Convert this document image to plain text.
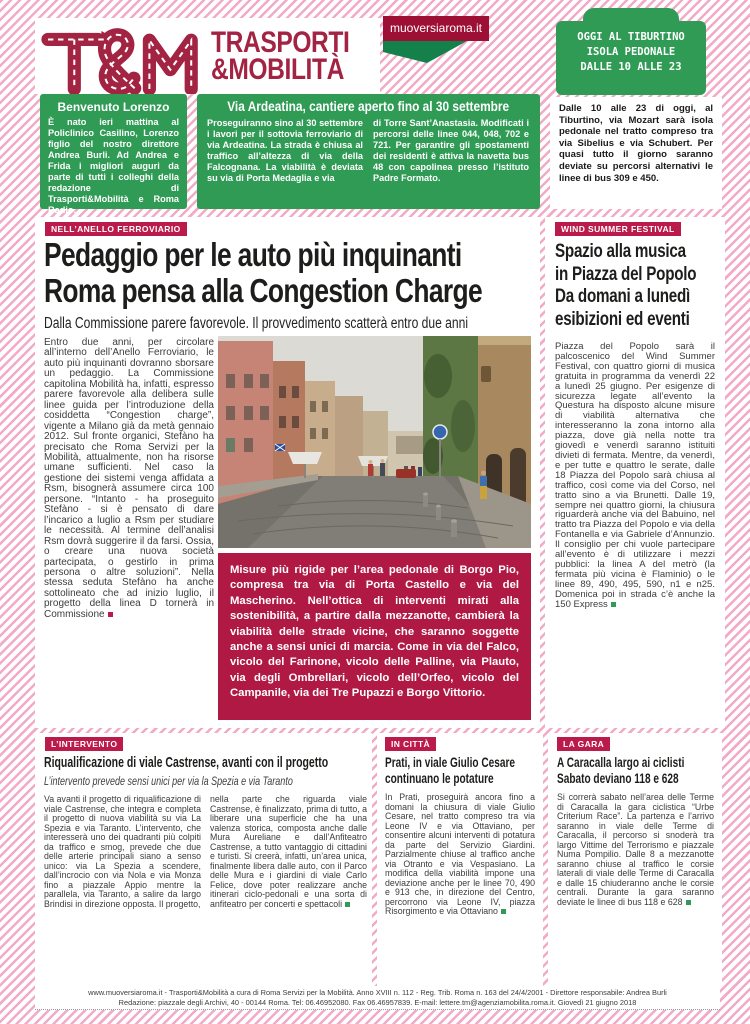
TRASPORTI
&MOBILITÀ
muoversiaroma.it
OGGI AL TIBURTINO
ISOLA PEDONALE
DALLE 10 ALLE 23
Dalle 10 alle 23 di oggi, al Tiburtino, via Mozart sarà isola pedonale nel tratto compreso tra via Sibelius e via Schubert. Per quasi tutto il giorno saranno deviate su percorsi alternativi le linee di bus 309 e 450.
Benvenuto Lorenzo
È nato ieri mattina al Policlinico Casilino, Lorenzo figlio del nostro direttore Andrea Burli. Ad Andrea e Frida i migliori auguri da parte di tutti i colleghi della redazione di Trasporti&Mobilità e Roma Radio.
Via Ardeatina, cantiere aperto fino al 30 settembre
Proseguiranno sino al 30 settembre i lavori per il sottovia ferroviario di via Ardeatina. La strada è chiusa al traffico all’altezza di via della Falcognana. La viabilità è deviata su via di Porta Medaglia e via
di Torre Sant’Anastasia. Modificati i percorsi delle linee 044, 048, 702 e 721. Per garantire gli spostamenti dei residenti è attiva la navetta bus 48 con capolinea presso l’istituto Padre Formato.
NELL’ANELLO FERROVIARIO
Pedaggio per le auto più inquinanti
Roma pensa alla Congestion Charge
Dalla Commissione parere favorevole. Il provvedimento scatterà entro due anni
Entro due anni, per circolare all’interno dell’Anello Ferroviario, le auto più inquinanti dovranno sborsare un pedaggio. La Commissione capitolina Mobilità ha, infatti, espresso parere favorevole alla delibera sulle linee guida per l’introduzione della cosiddetta “Congestion charge”, vigente a Milano già da metà gennaio 2012. Sul fronte organici, Stefàno ha precisato che Roma Servizi per la Mobilità, attualmente, non ha risorse umane sufficienti. Nel caso la gestione dei sistemi venga affidata a Rsm, bisognerà assumere circa 100 persone. “Intanto - ha proseguito Stefàno - si è pensato di dare l’incarico a luglio a Rsm per studiare le necessità. Al termine dell’analisi Rsm dovrà suggerire il da farsi. Ossia, o creare una nuova società partecipata, o gestirlo in prima persona o altre soluzioni”. Nella stessa seduta Stefàno ha anche sottolineato che ad inizio luglio, il progetto della linea D tornerà in Commissione
Misure più rigide per l’area pedonale di Borgo Pio, compresa tra via di Porta Castello e via del Mascherino. Nell’ottica di interventi mirati alla sostenibilità, a partire dalla mezzanotte, cambierà la viabilità delle strade vicine, che saranno soggette anche a sensi unici di marcia. Come in via del Falco, vicolo del Farinone, vicolo delle Palline, via Plauto, via degli Ombrellari, vicolo dell’Orfeo, vicolo del Campanile, via dei Tre Pupazzi e Borgo Vittorio.
WIND SUMMER FESTIVAL
Spazio alla musica
in Piazza del Popolo
Da domani a lunedì
esibizioni ed eventi
Piazza del Popolo sarà il palcoscenico del Wind Summer Festival, con quattro giorni di musica gratuita in programma da venerdì 22 a lunedì 25 giugno. Per esigenze di sicurezza legate all’evento la Questura ha disposto alcune misure di viabilità alternativa che interesseranno la zona intorno alla piazza, dove già nella notte tra giovedì e venerdì saranno istituiti divieti di fermata. Mentre, da venerdì, e per tutte e quattro le serate, dalle 18 Piazza del Popolo sarà chiusa al traffico, così come via del Corso, nel tratto sino a via Brunetti. Dalle 19, sempre nei quattro giorni, la chiusura riguarderà anche via del Babuino, nel tratto tra Piazza del Popolo e via della Fontanella e via Gabriele d’Annunzio. Il consiglio per chi vuole partecipare all’evento è di utilizzare i mezzi pubblici: la linea A del metrò (la fermata più vicina è Flaminio) o le linee 89, 490, 495, 590, n1 e n25. Domenica poi in strada c’è anche la 150 Express
L’INTERVENTO
Riqualificazione di viale Castrense, avanti con il progetto
L’intervento prevede sensi unici per via la Spezia e via Taranto
Va avanti il progetto di riqualificazione di viale Castrense, che integra e completa il progetto di nuova viabilità su via La Spezia e via Taranto. L’intervento, che interesserà uno dei quadranti più colpiti da traffico e smog, prevede che due delle arterie principali siano a senso unico: via La Spezia a scendere, dall’incrocio con via Nola e via Monza fino a piazzale Appio mentre la parallela, via Taranto, a salire da largo Brindisi in direzione opposta. Il progetto,
nella parte che riguarda viale Castrense, è finalizzato, prima di tutto, a liberare una superficie che ha una valenza storica, composta anche dalle Mura Aureliane e dall’Anfiteatro Castrense, a tutto vantaggio di cittadini e turisti. Si creerà, infatti, un’area unica, finalmente libera dalle auto, con il Parco delle Mura e i giardini di viale Carlo Felice, dove poter realizzare anche itinerari ciclo-pedonali e una sorta di anfiteatro per concerti e spettacoli
IN CITTÀ
Prati, in viale Giulio Cesare
continuano le potature
In Prati, proseguirà ancora fino a domani la chiusura di viale Giulio Cesare, nel tratto compreso tra via Leone IV e via Ottaviano, per consentire alcuni interventi di potatura da parte del Servizio Giardini. Parzialmente chiuse al traffico anche via Otranto e via Vespasiano. La modifica della viabilità impone una deviazione anche per le linee 70, 490 e 913 che, in direzione del Centro, percorrono via Leone IV, piazza Risorgimento e via Ottaviano
LA GARA
A Caracalla largo ai ciclisti
Sabato deviano 118 e 628
Si correrà sabato nell’area delle Terme di Caracalla la gara ciclistica “Urbe Criterium Race”. La partenza e l’arrivo saranno in viale delle Terme di Caracalla, il percorso si snoderà tra largo Vittime del Terrorismo e piazzale Numa Pompilio. Dalle 8 a mezzanotte saranno chiuse al traffico le corsie laterali di viale delle Terme di Caracalla e dalle 15 chiuderanno anche le corsie centrali. Durante la gara saranno deviate le linee di bus 118 e 628
www.muoversiaroma.it - Trasporti&Mobilità a cura di Roma Servizi per la Mobilità. Anno XVIII n. 112 - Reg. Trib. Roma n. 163 del 24/4/2001 - Direttore responsabile: Andrea Burli
Redazione: piazzale degli Archivi, 40 - 00144 Roma. Tel: 06.46952080. Fax 06.46957839. E-mail: lettere.tm@agenziamobilita.roma.it. Giovedì 21 giugno 2018
